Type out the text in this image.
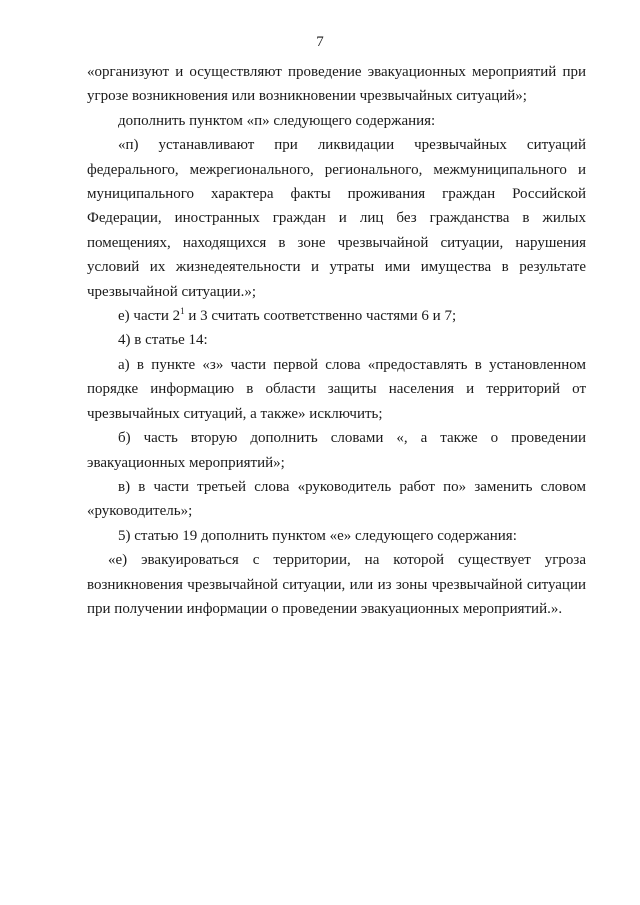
7

«организуют и осуществляют проведение эвакуационных мероприятий при угрозе возникновения или возникновении чрезвычайных ситуаций»;

дополнить пунктом «п» следующего содержания:

«п) устанавливают при ликвидации чрезвычайных ситуаций федерального, межрегионального, регионального, межмуниципального и муниципального характера факты проживания граждан Российской Федерации, иностранных граждан и лиц без гражданства в жилых помещениях, находящихся в зоне чрезвычайной ситуации, нарушения условий их жизнедеятельности и утраты ими имущества в результате чрезвычайной ситуации.»;

е) части $2^1$ и 3 считать соответственно частями 6 и 7;

4) в статье 14:

а) в пункте «з» части первой слова «предоставлять в установленном порядке информацию в области защиты населения и территорий от чрезвычайных ситуаций, а также» исключить;

б) часть вторую дополнить словами «, а также о проведении эвакуационных мероприятий»;

в) в части третьей слова «руководитель работ по» заменить словом «руководитель»;

5) статью 19 дополнить пунктом «е» следующего содержания:

«е) эвакуироваться с территории, на которой существует угроза возникновения чрезвычайной ситуации, или из зоны чрезвычайной ситуации при получении информации о проведении эвакуационных мероприятий.».
